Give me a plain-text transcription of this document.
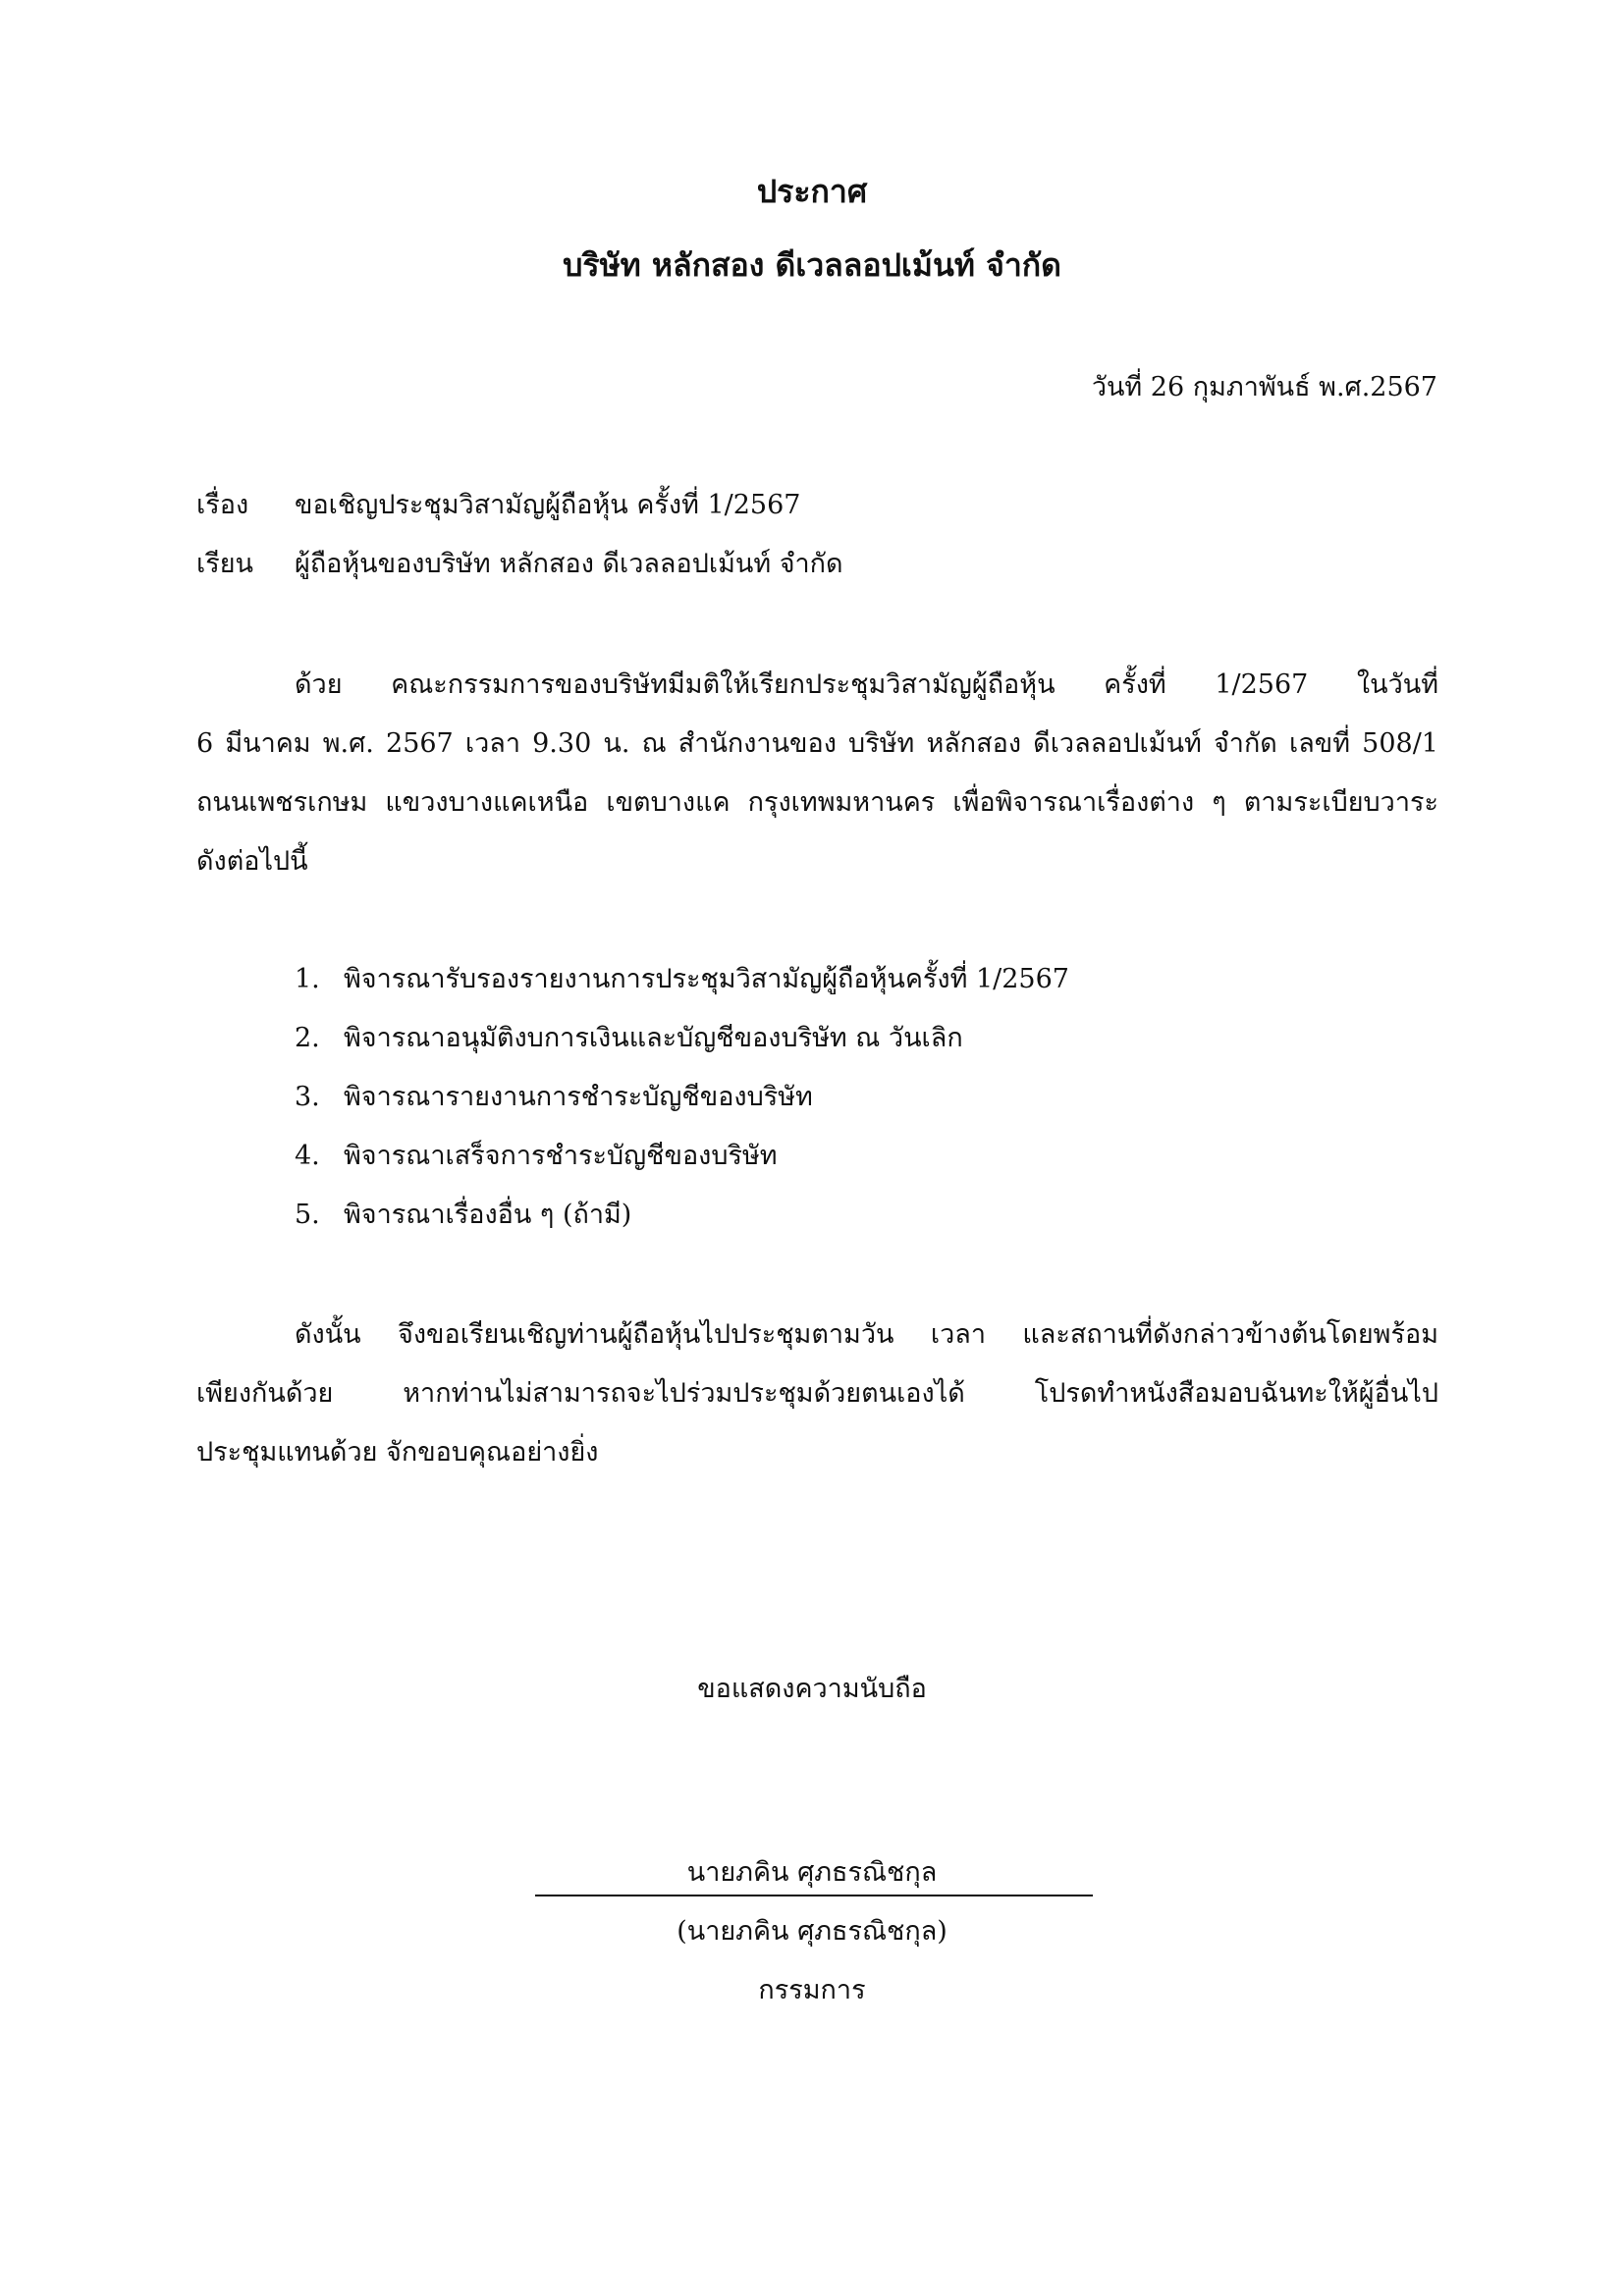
ประกาศ
บริษัท หลักสอง ดีเวลลอปเม้นท์ จำกัด
วันที่ 26 กุมภาพันธ์ พ.ศ.2567
เรื่อง ขอเชิญประชุมวิสามัญผู้ถือหุ้น ครั้งที่ 1/2567
เรียน ผู้ถือหุ้นของบริษัท หลักสอง ดีเวลลอปเม้นท์ จำกัด
ด้วย คณะกรรมการของบริษัทมีมติให้เรียกประชุมวิสามัญผู้ถือหุ้น ครั้งที่ 1/2567 ในวันที่
6 มีนาคม พ.ศ. 2567 เวลา 9.30 น. ณ สำนักงานของ บริษัท หลักสอง ดีเวลลอปเม้นท์ จำกัด เลขที่ 508/1
ถนนเพชรเกษม แขวงบางแคเหนือ เขตบางแค กรุงเทพมหานคร เพื่อพิจารณาเรื่องต่าง ๆ ตามระเบียบวาระ
ดังต่อไปนี้
1. พิจารณารับรองรายงานการประชุมวิสามัญผู้ถือหุ้นครั้งที่ 1/2567
2. พิจารณาอนุมัติงบการเงินและบัญชีของบริษัท ณ วันเลิก
3. พิจารณารายงานการชำระบัญชีของบริษัท
4. พิจารณาเสร็จการชำระบัญชีของบริษัท
5. พิจารณาเรื่องอื่น ๆ (ถ้ามี)
ดังนั้น จึงขอเรียนเชิญท่านผู้ถือหุ้นไปประชุมตามวัน เวลา และสถานที่ดังกล่าวข้างต้นโดยพร้อม
เพียงกันด้วย หากท่านไม่สามารถจะไปร่วมประชุมด้วยตนเองได้ โปรดทำหนังสือมอบฉันทะให้ผู้อื่นไป
ประชุมแทนด้วย จักขอบคุณอย่างยิ่ง
ขอแสดงความนับถือ
นายภคิน ศุภธรณิชกุล
(นายภคิน ศุภธรณิชกุล)
กรรมการ
